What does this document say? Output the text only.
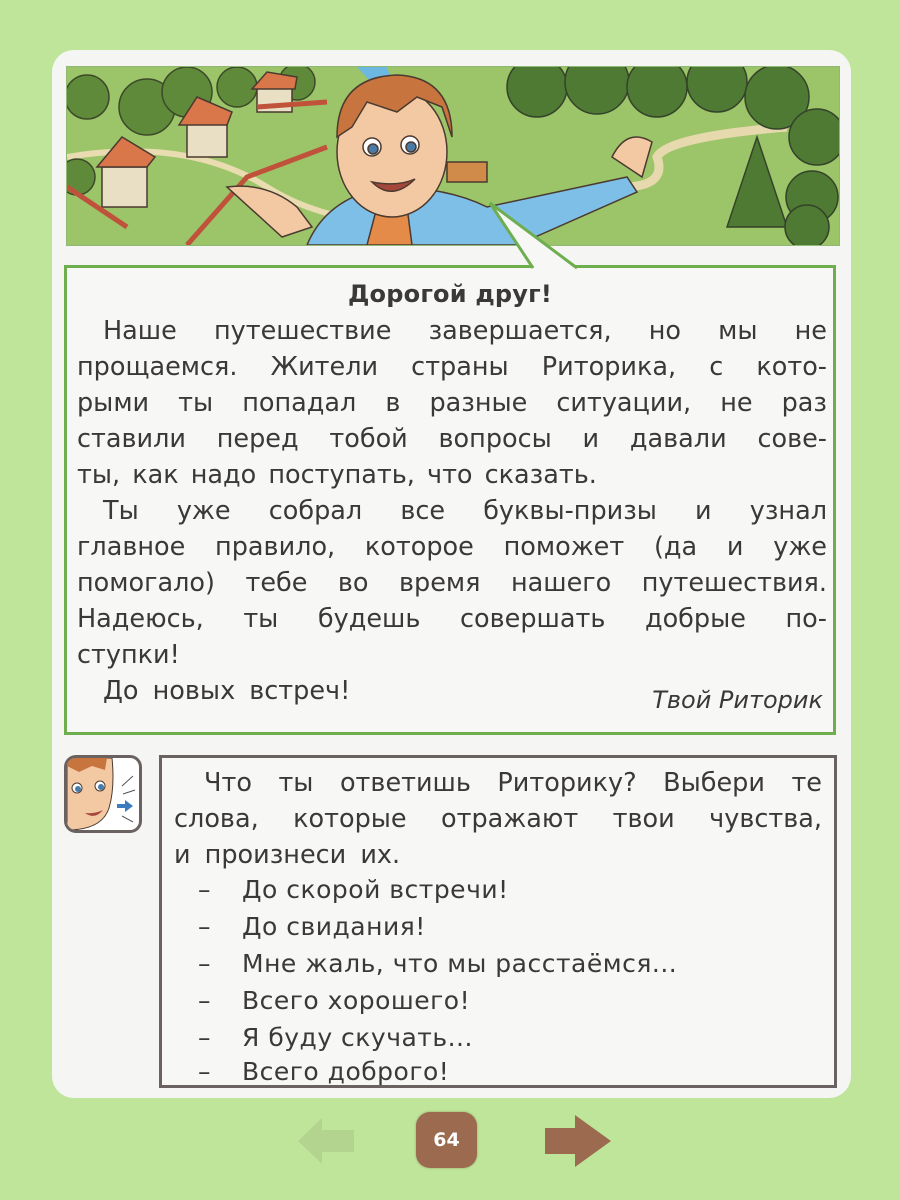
Дорогой друг!
Наше путешествие завершается, но мы не
прощаемся. Жители страны Риторика, с кото-
рыми ты попадал в разные ситуации, не раз
ставили перед тобой вопросы и давали сове-
ты, как надо поступать, что сказать.
Ты уже собрал все буквы-призы и узнал
главное правило, которое поможет (да и уже
помогало) тебе во время нашего путешествия.
Надеюсь, ты будешь совершать добрые по-
ступки!
До новых встреч!	Твой Риторик
Что ты ответишь Риторику? Выбери те
слова, которые отражают твои чувства,
и произнеси их.
– До скорой встречи!
– До свидания!
– Мне жаль, что мы расстаёмся...
– Всего хорошего!
– Я буду скучать...
– Всего доброго!
64
